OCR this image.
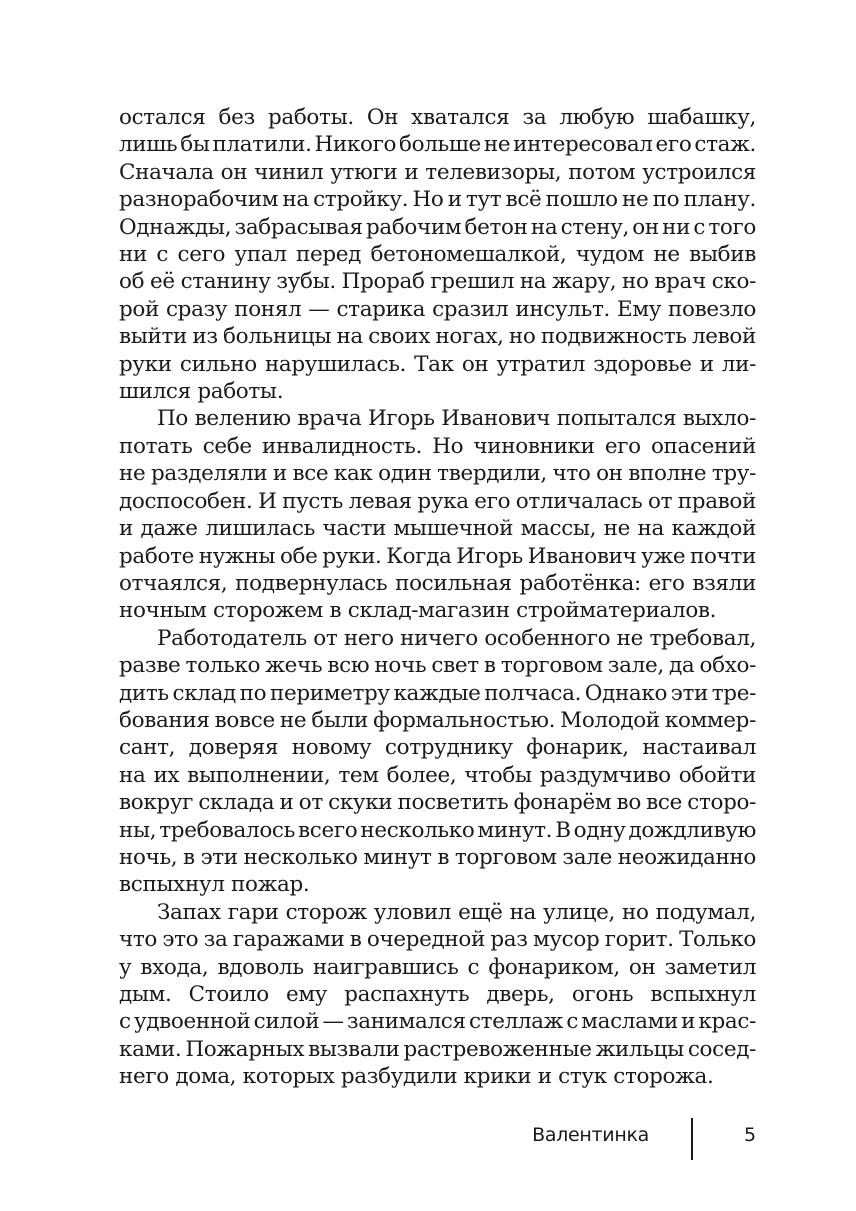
остался без работы. Он хватался за любую шабашку,
лишь бы платили. Никого больше не интересовал его стаж.
Сначала он чинил утюги и телевизоры, потом устроился
разнорабочим на стройку. Но и тут всё пошло не по плану.
Однажды, забрасывая рабочим бетон на стену, он ни с того
ни с сего упал перед бетономешалкой, чудом не выбив
об её станину зубы. Прораб грешил на жару, но врач ско-
рой сразу понял — старика сразил инсульт. Ему повезло
выйти из больницы на своих ногах, но подвижность левой
руки сильно нарушилась. Так он утратил здоровье и ли-
шился работы.
По велению врача Игорь Иванович попытался выхло-
потать себе инвалидность. Но чиновники его опасений
не разделяли и все как один твердили, что он вполне тру-
доспособен. И пусть левая рука его отличалась от правой
и даже лишилась части мышечной массы, не на каждой
работе нужны обе руки. Когда Игорь Иванович уже почти
отчаялся, подвернулась посильная работёнка: его взяли
ночным сторожем в склад-магазин стройматериалов.
Работодатель от него ничего особенного не требовал,
разве только жечь всю ночь свет в торговом зале, да обхо-
дить склад по периметру каждые полчаса. Однако эти тре-
бования вовсе не были формальностью. Молодой коммер-
сант, доверяя новому сотруднику фонарик, настаивал
на их выполнении, тем более, чтобы раздумчиво обойти
вокруг склада и от скуки посветить фонарём во все сторо-
ны, требовалось всего несколько минут. В одну дождливую
ночь, в эти несколько минут в торговом зале неожиданно
вспыхнул пожар.
Запах гари сторож уловил ещё на улице, но подумал,
что это за гаражами в очередной раз мусор горит. Только
у входа, вдоволь наигравшись с фонариком, он заметил
дым. Стоило ему распахнуть дверь, огонь вспыхнул
с удвоенной силой — занимался стеллаж с маслами и крас-
ками. Пожарных вызвали растревоженные жильцы сосед-
него дома, которых разбудили крики и стук сторожа.
Валентинка	5
